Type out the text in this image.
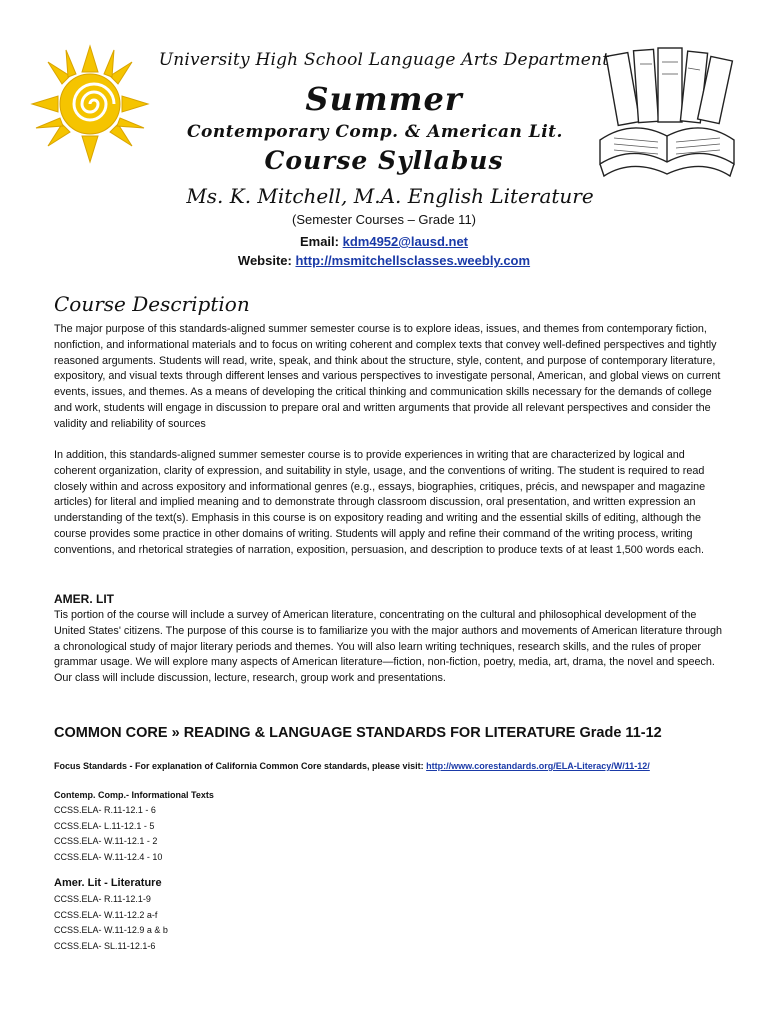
University High School Language Arts Department
Summer
Contemporary Comp. & American Lit.
Course Syllabus
Ms. K. Mitchell, M.A. English Literature
(Semester Courses – Grade 11)
Email: kdm4952@lausd.net
Website: http://msmitchellsclasses.weebly.com
Course Description

The major purpose of this standards-aligned summer semester course is to explore ideas, issues, and themes from contemporary fiction, nonfiction, and informational materials and to focus on writing coherent and complex texts that convey well-defined perspectives and tightly reasoned arguments. Students will read, write, speak, and think about the structure, style, content, and purpose of contemporary literature, expository, and visual texts through different lenses and various perspectives to investigate personal, American, and global views on current events, issues, and themes. As a means of developing the critical thinking and communication skills necessary for the demands of college and work, students will engage in discussion to prepare oral and written arguments that provide all relevant perspectives and consider the validity and reliability of sources

In addition, this standards-aligned summer semester course is to provide experiences in writing that are characterized by logical and coherent organization, clarity of expression, and suitability in style, usage, and the conventions of writing. The student is required to read closely within and across expository and informational genres (e.g., essays, biographies, critiques, précis, and newspaper and magazine articles) for literal and implied meaning and to demonstrate through classroom discussion, oral presentation, and written expression an understanding of the text(s). Emphasis in this course is on expository reading and writing and the essential skills of editing, although the course provides some practice in other domains of writing. Students will apply and refine their command of the writing process, writing conventions, and rhetorical strategies of narration, exposition, persuasion, and description to produce texts of at least 1,500 words each.

AMER. LIT

Tis portion of the course will include a survey of American literature, concentrating on the cultural and philosophical development of the United States' citizens. The purpose of this course is to familiarize you with the major authors and movements of American literature through a chronological study of major literary periods and themes. You will also learn writing techniques, research skills, and the rules of proper grammar usage. We will explore many aspects of American literature—fiction, non-fiction, poetry, media, art, drama, the novel and speech. Our class will include discussion, lecture, research, group work and presentations.

COMMON CORE » READING & LANGUAGE STANDARDS FOR LITERATURE Grade 11-12
Focus Standards - For explanation of California Common Core standards, please visit: http://www.corestandards.org/ELA-Literacy/W/11-12/
Contemp. Comp.- Informational Texts
CCSS.ELA- R.11-12.1 - 6
CCSS.ELA- L.11-12.1 - 5
CCSS.ELA- W.11-12.1 - 2
CCSS.ELA- W.11-12.4 - 10
Amer. Lit - Literature
CCSS.ELA- R.11-12.1-9
CCSS.ELA- W.11-12.2 a-f
CCSS.ELA- W.11-12.9 a & b
CCSS.ELA- SL.11-12.1-6
